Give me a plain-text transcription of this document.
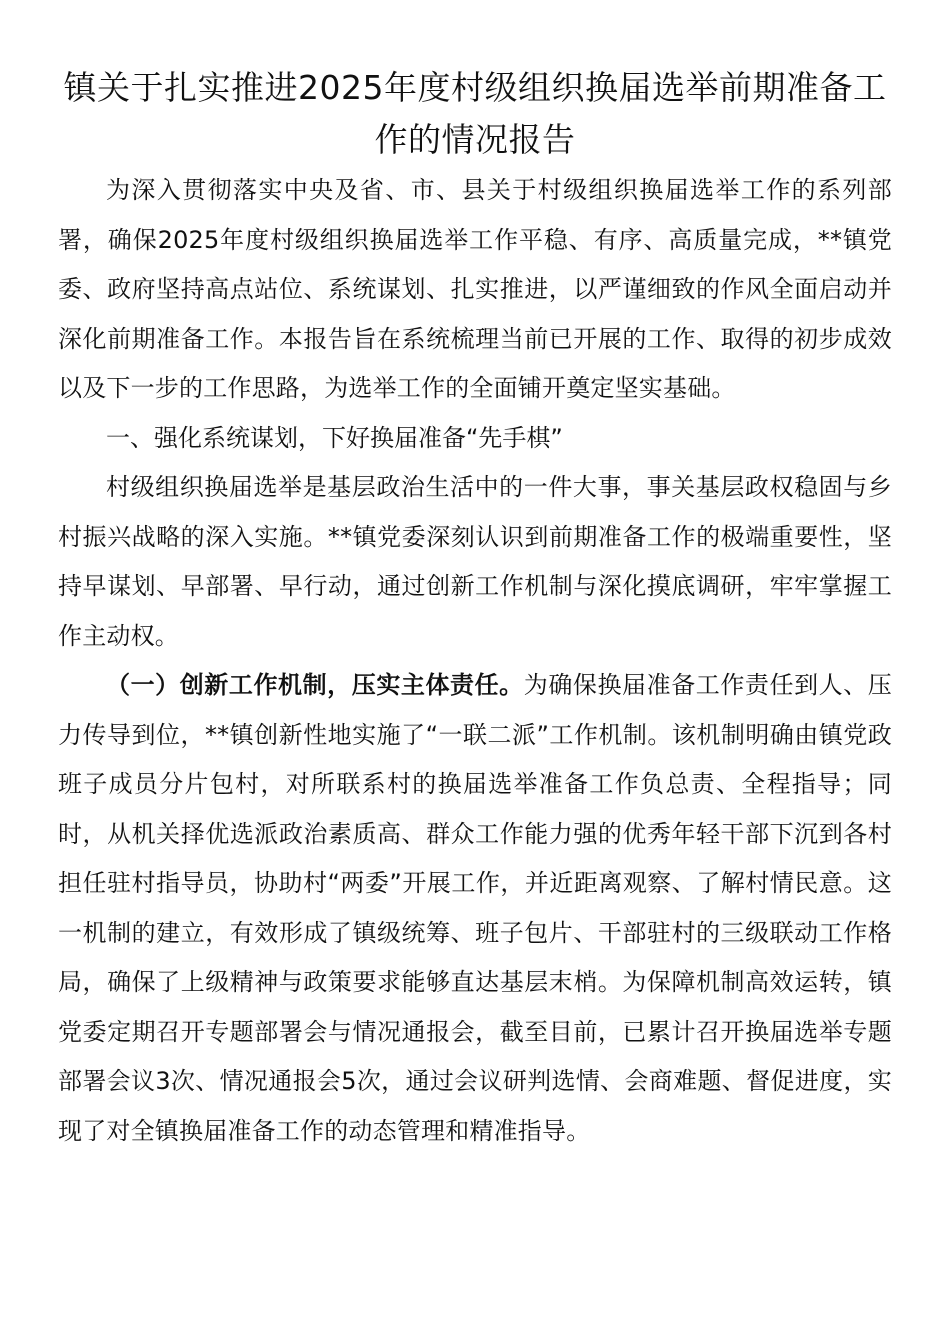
镇关于扎实推进2025年度村级组织换届选举前期准备工作的情况报告

为深入贯彻落实中央及省、市、县关于村级组织换届选举工作的系列部署，确保2025年度村级组织换届选举工作平稳、有序、高质量完成，**镇党委、政府坚持高点站位、系统谋划、扎实推进，以严谨细致的作风全面启动并深化前期准备工作。本报告旨在系统梳理当前已开展的工作、取得的初步成效以及下一步的工作思路，为选举工作的全面铺开奠定坚实基础。

一、强化系统谋划，下好换届准备“先手棋”

村级组织换届选举是基层政治生活中的一件大事，事关基层政权稳固与乡村振兴战略的深入实施。**镇党委深刻认识到前期准备工作的极端重要性，坚持早谋划、早部署、早行动，通过创新工作机制与深化摸底调研，牢牢掌握工作主动权。

（一）创新工作机制，压实主体责任。为确保换届准备工作责任到人、压力传导到位，**镇创新性地实施了“一联二派”工作机制。该机制明确由镇党政班子成员分片包村，对所联系村的换届选举准备工作负总责、全程指导；同时，从机关择优选派政治素质高、群众工作能力强的优秀年轻干部下沉到各村担任驻村指导员，协助村“两委”开展工作，并近距离观察、了解村情民意。这一机制的建立，有效形成了镇级统筹、班子包片、干部驻村的三级联动工作格局，确保了上级精神与政策要求能够直达基层末梢。为保障机制高效运转，镇党委定期召开专题部署会与情况通报会，截至目前，已累计召开换届选举专题部署会议3次、情况通报会5次，通过会议研判选情、会商难题、督促进度，实现了对全镇换届准备工作的动态管理和精准指导。
